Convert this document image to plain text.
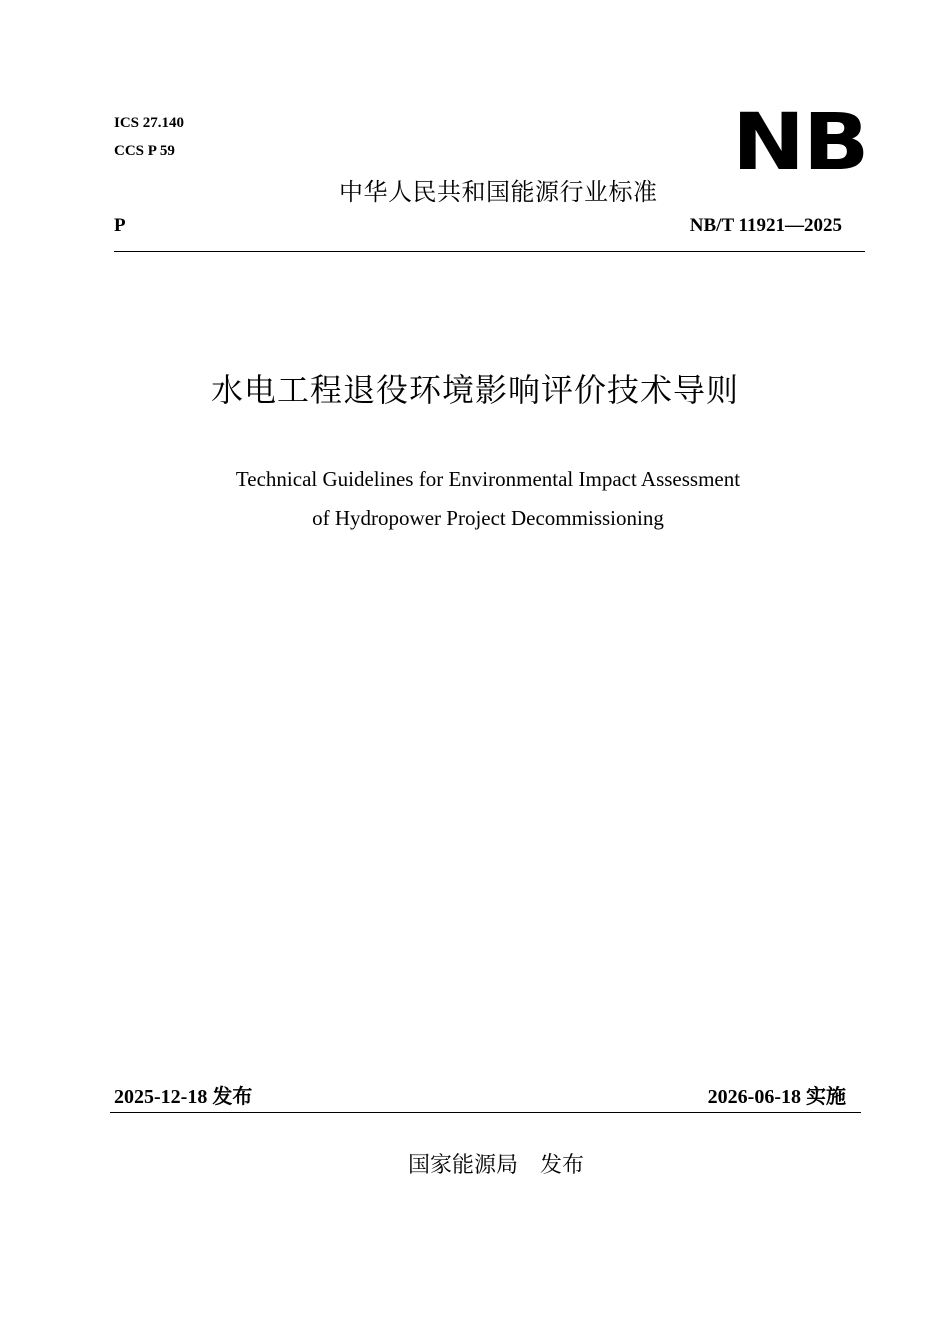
ICS 27.140
CCS P 59	NB
中华人民共和国能源行业标准
P	NB/T 11921—2025
水电工程退役环境影响评价技术导则
Technical Guidelines for Environmental Impact Assessment
of Hydropower Project Decommissioning
2025-12-18 发布	2026-06-18 实施
国家能源局 发布
